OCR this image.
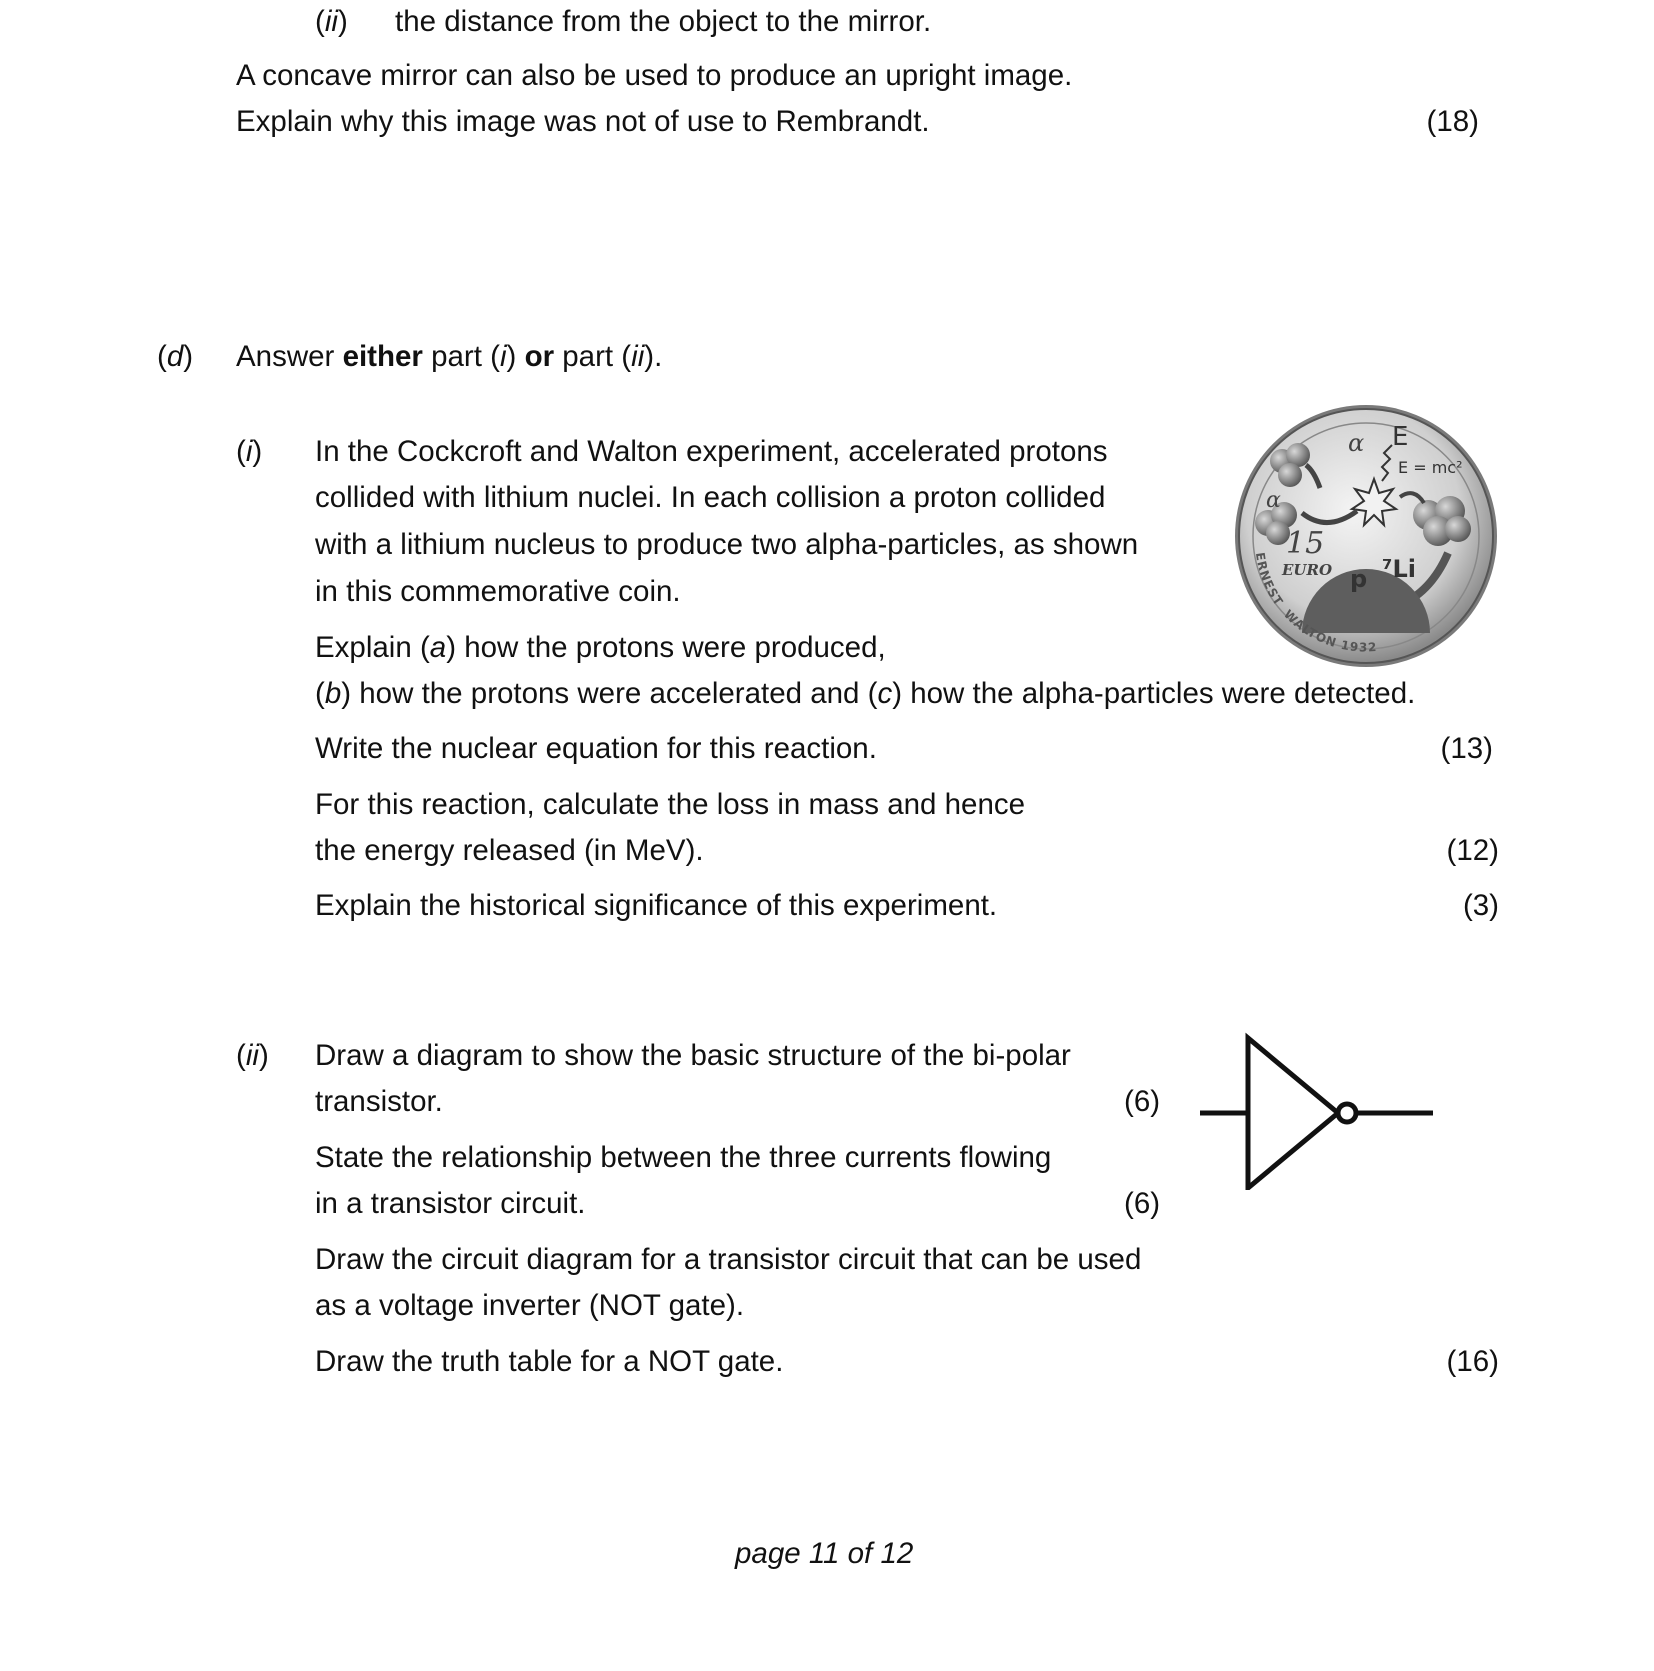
(ii) the distance from the object to the mirror.
A concave mirror can also be used to produce an upright image.
Explain why this image was not of use to Rembrandt.	(18)
(d) Answer either part (i) or part (ii).
(i) In the Cockcroft and Walton experiment, accelerated protons
collided with lithium nuclei. In each collision a proton collided
with a lithium nucleus to produce two alpha-particles, as shown
in this commemorative coin.
Explain (a) how the protons were produced,
(b) how the protons were accelerated and (c) how the alpha-particles were detected.
Write the nuclear equation for this reaction.	(13)
For this reaction, calculate the loss in mass and hence
the energy released (in MeV).	(12)
Explain the historical significance of this experiment.	(3)
α E
E = mc²
α
15
EURO p ⁷Li
ERNEST WALTON 1932
(ii) Draw a diagram to show the basic structure of the bi-polar
transistor.	(6)
State the relationship between the three currents flowing
in a transistor circuit.	(6)
Draw the circuit diagram for a transistor circuit that can be used
as a voltage inverter (NOT gate).
Draw the truth table for a NOT gate.	(16)
page 11 of 12
